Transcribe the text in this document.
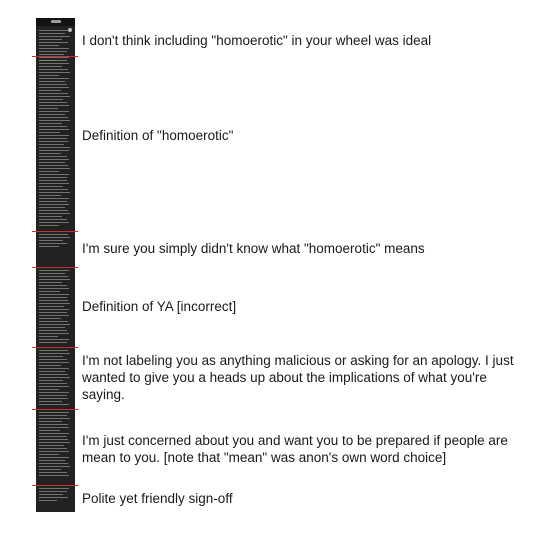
I don't think including "homoerotic" in your wheel was ideal

Definition of "homoerotic"

I'm sure you simply didn't know what "homoerotic" means

Definition of YA [incorrect]

I'm not labeling you as anything malicious or asking for an apology. I just wanted to give you a heads up about the implications of what you're saying.

I'm just concerned about you and want you to be prepared if people are mean to you. [note that "mean" was anon's own word choice]

Polite yet friendly sign-off
